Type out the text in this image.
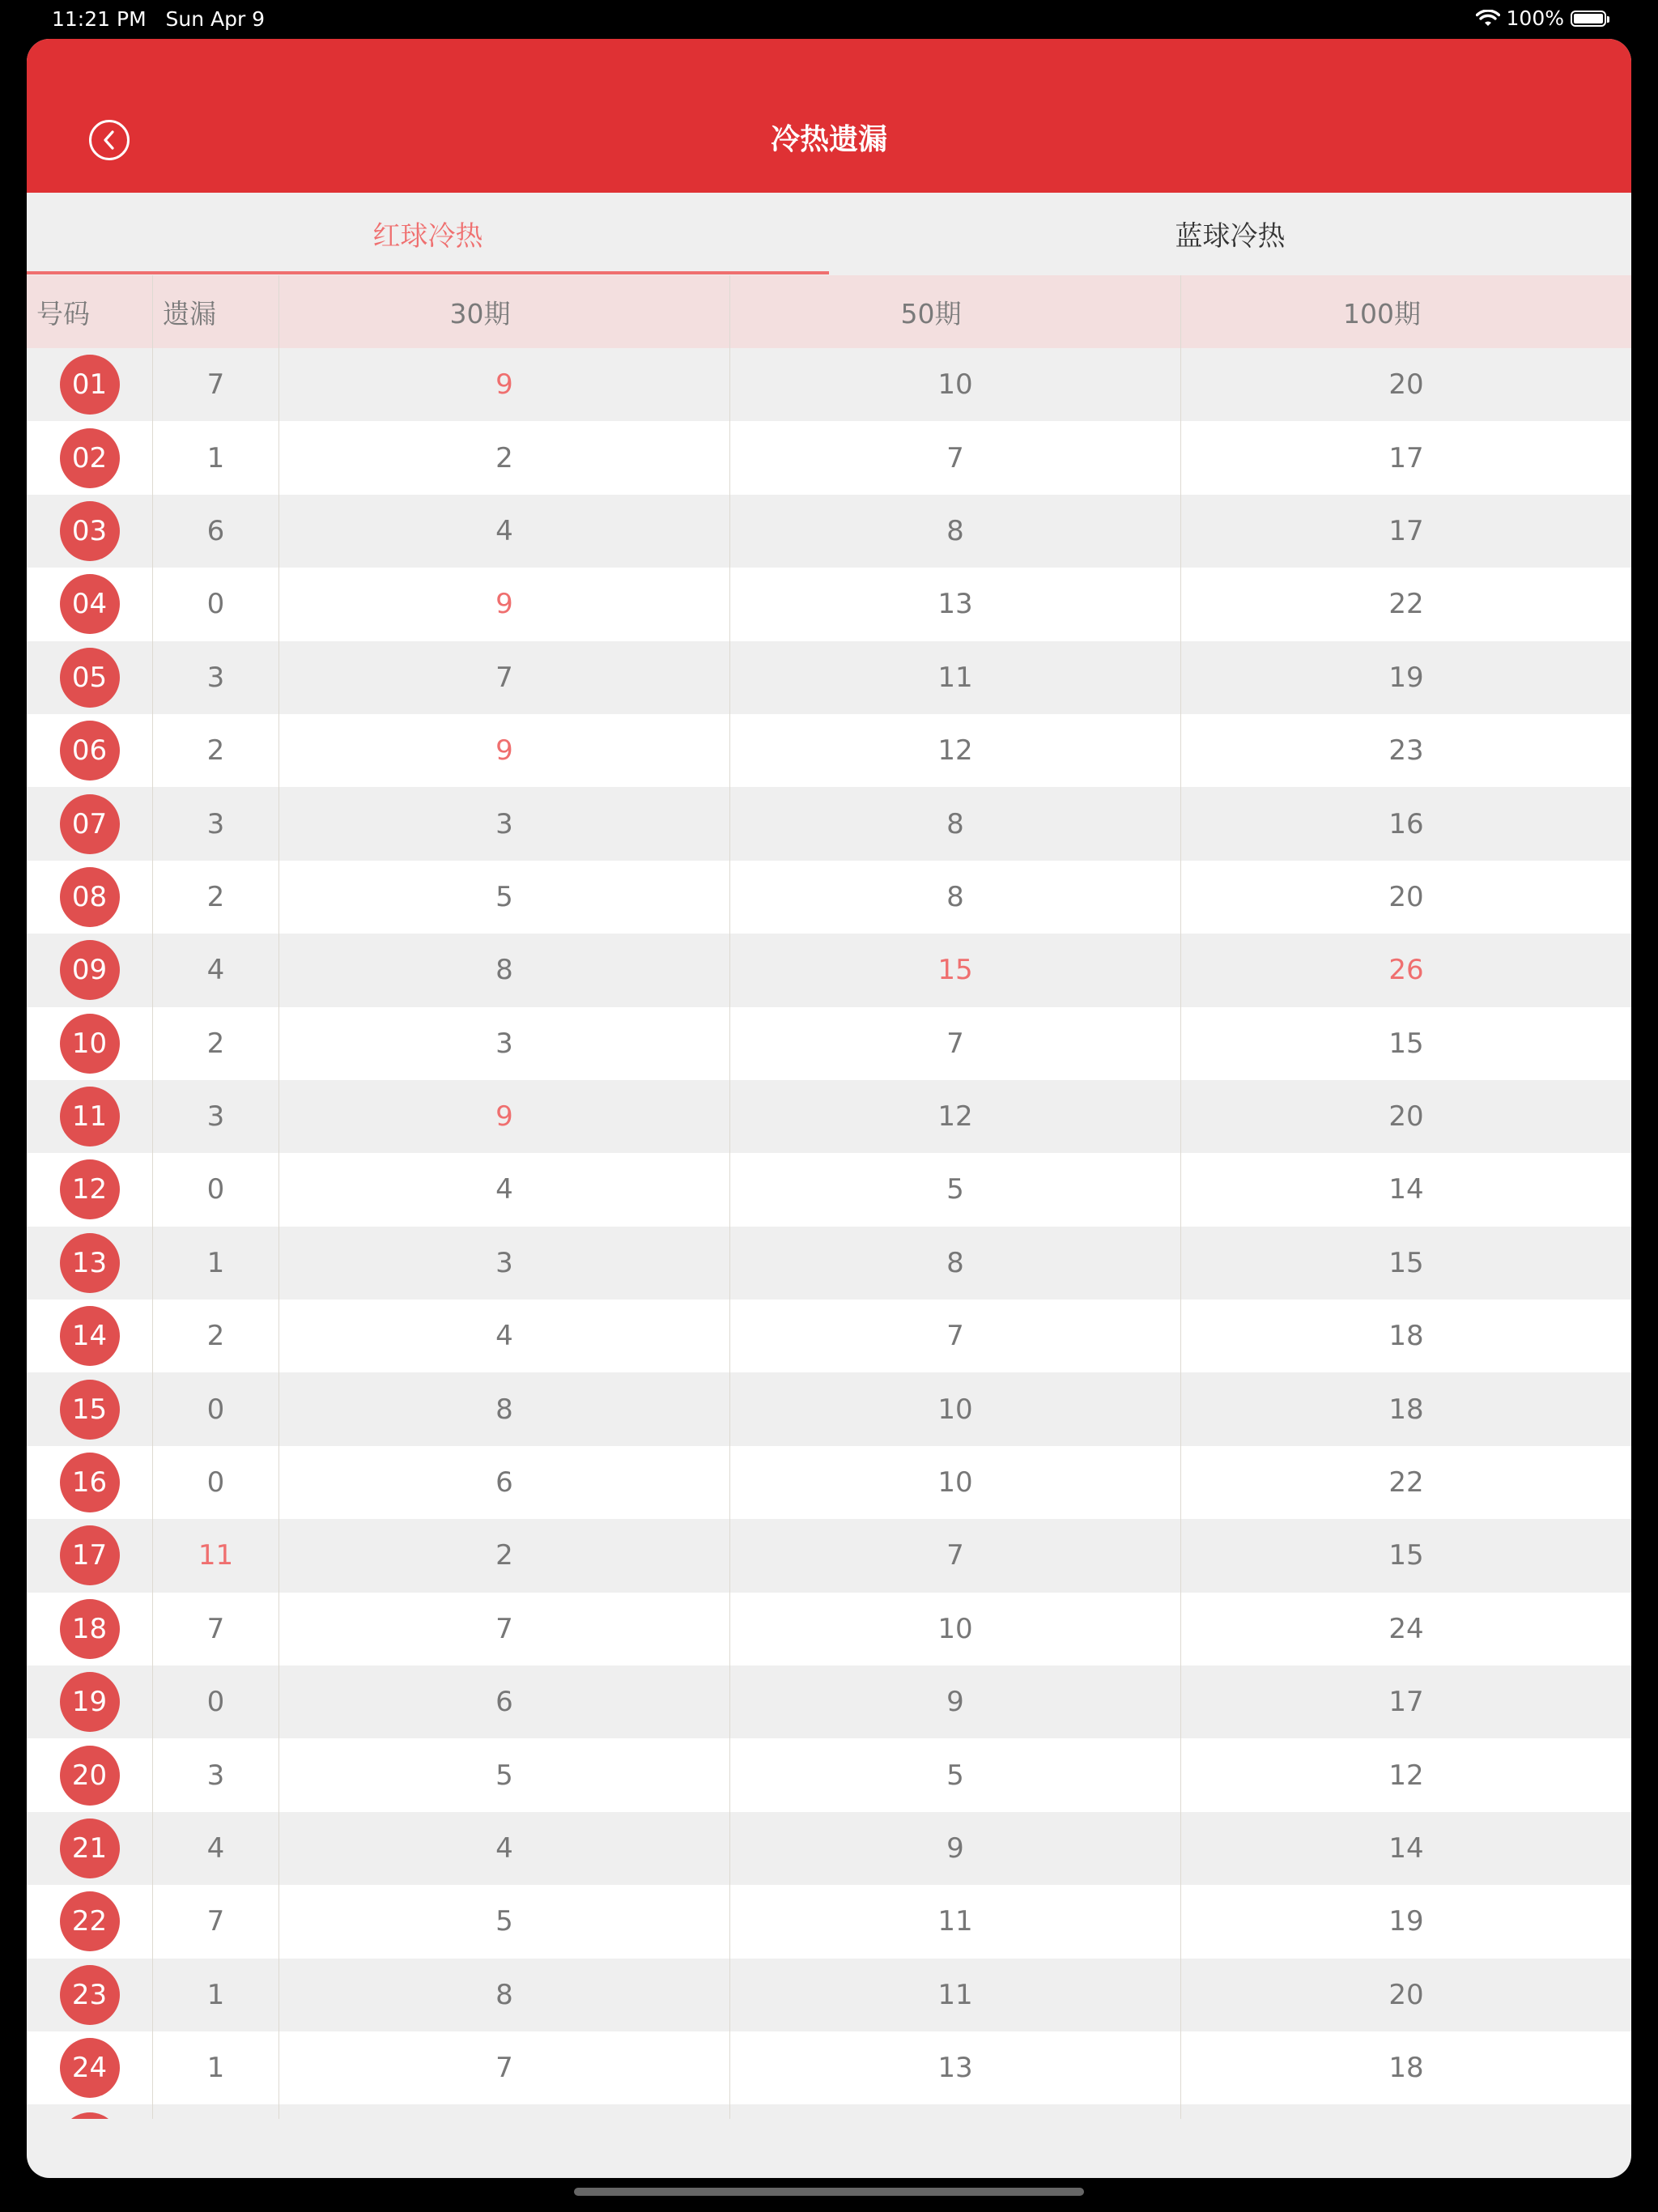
11:21 PM Sun Apr 9	100%
冷热遗漏
红球冷热	蓝球冷热
号码	遗漏	30期	50期	100期
01	7	9	10	20
02	1	2	7	17
03	6	4	8	17
04	0	9	13	22
05	3	7	11	19
06	2	9	12	23
07	3	3	8	16
08	2	5	8	20
09	4	8	15	26
10	2	3	7	15
11	3	9	12	20
12	0	4	5	14
13	1	3	8	15
14	2	4	7	18
15	0	8	10	18
16	0	6	10	22
17	11	2	7	15
18	7	7	10	24
19	0	6	9	17
20	3	5	5	12
21	4	4	9	14
22	7	5	11	19
23	1	8	11	20
24	1	7	13	18
